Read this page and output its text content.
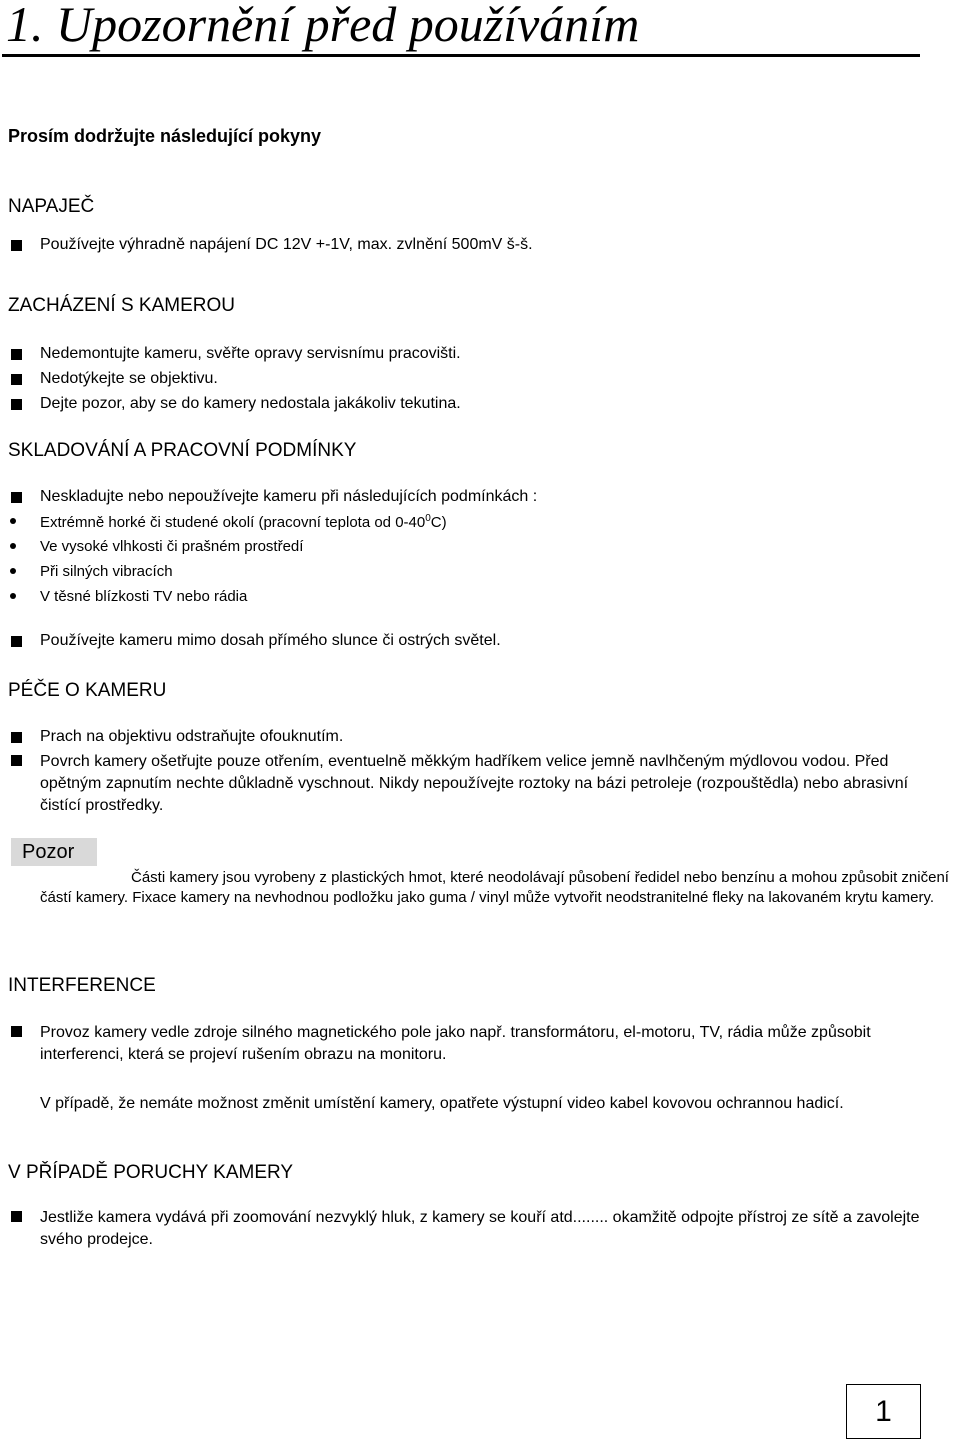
1. Upozornění před používáním
Prosím dodržujte následující pokyny
NAPAJEČ
Používejte výhradně napájení DC 12V +-1V, max. zvlnění 500mV š-š.
ZACHÁZENÍ S KAMEROU
Nedemontujte kameru, svěřte opravy servisnímu pracovišti.
Nedotýkejte se objektivu.
Dejte pozor, aby se do kamery nedostala jakákoliv tekutina.
SKLADOVÁNÍ A PRACOVNÍ PODMÍNKY
Neskladujte nebo nepoužívejte kameru při následujících podmínkách :
Extrémně horké či studené okolí (pracovní teplota od $0-40^0C$)
Ve vysoké vlhkosti či prašném prostředí
Při silných vibracích
V těsné blízkosti TV nebo rádia
Používejte kameru mimo dosah přímého slunce či ostrých světel.
PÉČE O KAMERU
Prach na objektivu odstraňujte ofouknutím.
Povrch kamery ošetřujte pouze otřením, eventuelně měkkým hadříkem velice jemně navlhčeným mýdlovou vodou. Před opětným zapnutím nechte důkladně vyschnout. Nikdy nepoužívejte roztoky na bázi petroleje (rozpouštědla) nebo abrasivní čistící prostředky.
Pozor
Části kamery jsou vyrobeny z plastických hmot, které neodolávají působení ředidel nebo benzínu a mohou způsobit zničení částí kamery. Fixace kamery na nevhodnou podložku jako guma / vinyl může vytvořit neodstranitelné fleky na lakovaném krytu kamery.
INTERFERENCE
Provoz kamery vedle zdroje silného magnetického pole jako např. transformátoru, el-motoru, TV, rádia může způsobit interferenci, která se projeví rušením obrazu na monitoru.
V případě, že nemáte možnost změnit umístění kamery, opatřete výstupní video kabel kovovou ochrannou hadicí.
V PŘÍPADĚ PORUCHY KAMERY
Jestliže kamera vydává při zoomování nezvyklý hluk, z kamery se kouří atd........ okamžitě odpojte přístroj ze sítě a zavolejte svého prodejce.
1
